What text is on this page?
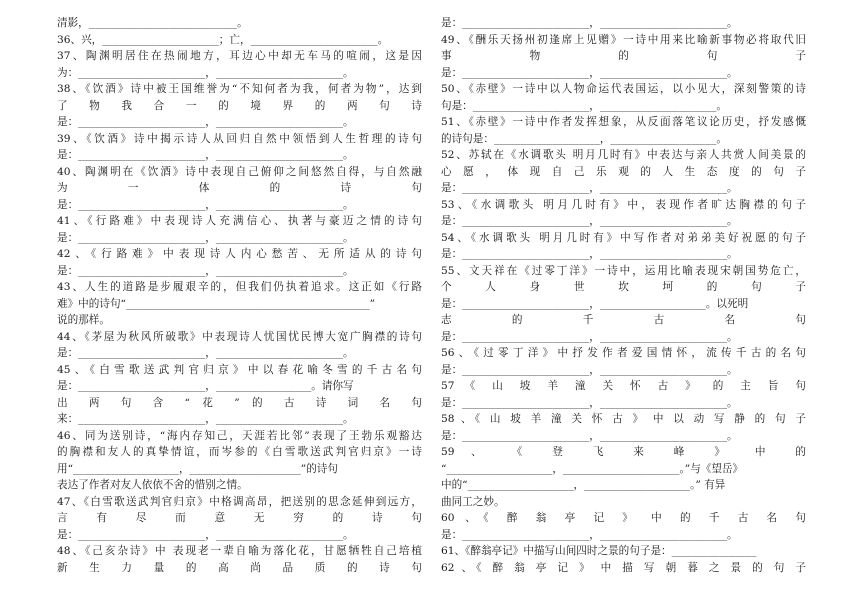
清影，____________________________。
36、兴，______________________；亡，________________________。
37、陶渊明居住在热闹地方，耳边心中却无车马的喧闹，这是因
为：________________________，________________________。
38、《饮酒》诗中被王国维誉为“不知何者为我，何者为物”，达到
了 物 我 合 一 的 境 界 的 两 句 诗
是：________________________，________________________。
39、《饮酒》诗中揭示诗人从回归自然中领悟到人生哲理的诗句
是：________________________，________________________。
40、陶渊明在《饮酒》诗中表现自己俯仰之间悠然自得，与自然融
为 一 体 的 诗 句
是：________________________，________________________。
41、《行路难》中表现诗人充满信心、执著与豪迈之情的诗句
是：________________________，________________________。
42、《行路难》中表现诗人内心愁苦、无所适从的诗句
是：________________________，________________________。
43、人生的道路是步履艰辛的，但我们仍执着追求。这正如《行路
难》中的诗句“______________________________________________”
说的那样。
44、《茅屋为秋风所破歌》中表现诗人忧国忧民博大宽广胸襟的诗句
是：________________________，________________________。
45、《白雪歌送武判官归京》中以春花喻冬雪的千古名句
是：________________________，__________________。请你写
出 两 句 含 “ 花 ” 的 古 诗 词 名 句
来：________________________，________________________。
46、同为送别诗，“海内存知己，天涯若比邻”表现了王勃乐观豁达
的胸襟和友人的真挚情谊，而岑参的《白雪歌送武判官归京》一诗
用“____________________，_____________________”的诗句
表达了作者对友人依依不舍的惜别之情。
47、《白雪歌送武判官归京》中格调高昂，把送别的思念延伸到远方，
言 有 尽 而 意 无 穷 的 诗 句
是：________________________，________________________。
48、《己亥杂诗》中 表现老一辈自喻为落化花，甘愿牺牲自己培植
新 生 力 量 的 高 尚 品 质 的 诗 句
是：________________________，________________________。
49、《酬乐天扬州初逢席上见赠》一诗中用来比喻新事物必将取代旧
事 物 的 句 子
是：________________________，________________________。
50、《赤壁》一诗中以人物命运代表国运，以小见大，深刻警策的诗
句是：______________________，______________________。
51、《赤壁》一诗中作者发挥想象，从反面落笔议论历史，抒发感慨
的诗句是：____________________，____________________。
52、苏轼在《水调歌头 明月几时有》中表达与亲人共赏人间美景的
心 愿 ， 体 现 自 己 乐 观 的 人 生 态 度 的 句 子
是：________________________，________________________。
53、《水调歌头 明月几时有》中，表现作者旷达胸襟的句子
是：________________________，________________________。
54、《水调歌头 明月几时有》中写作者对弟弟美好祝愿的句子
是：________________________，________________________。
55、文天祥在《过零丁洋》一诗中，运用比喻表现宋朝国势危亡，
个 人 身 世 坎 坷 的 句 子
是：________________________，____________________。以死明
志 的 千 古 名 句
是：________________________，________________________。
56、《过零丁洋》中抒发作者爱国情怀，流传千古的名句
是：________________________，________________________。
57 《 山 坡 羊 潼 关 怀 古 》 的 主 旨 句
是：________________________，________________________。
58 、《 山 坡 羊 潼 关 怀 古 》 中 以 动 写 静 的 句 子
是：________________________，________________________。
59 、 《 登 飞 来 峰 》 中 的
“____________________，______________________。”与《望岳》
中的“____________________，____________________。” 有异
曲同工之妙。
60 、《 醉 翁 亭 记 》 中 的 千 古 名 句
是：________________________，________________________。
61、《醉翁亭记》中描写山间四时之景的句子是：________________
62 、《 醉 翁 亭 记 》 中 描 写 朝 暮 之 景 的 句 子
